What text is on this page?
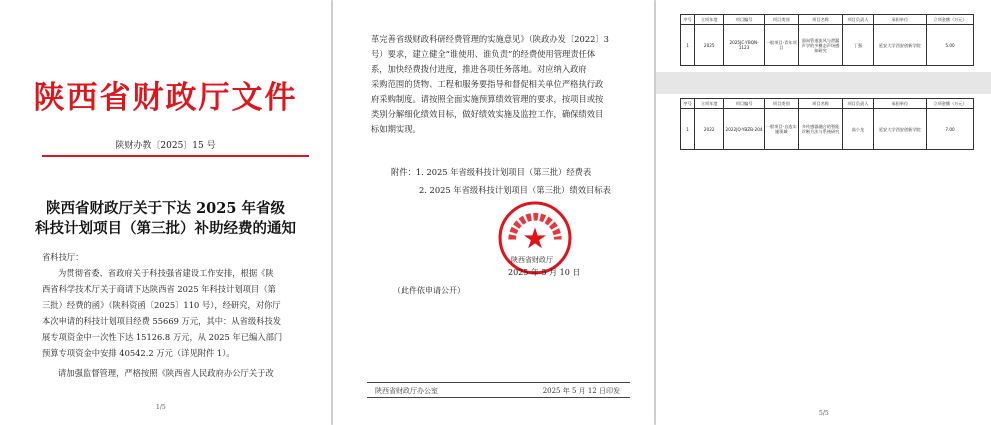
陕西省财政厅文件
陕财办教〔2025〕15 号
陕西省财政厅关于下达 2025 年省级
科技计划项目（第三批）补助经费的通知
省科技厅：
为贯彻省委、省政府关于科技强省建设工作安排，根据《陕
西省科学技术厅关于商请下达陕西省 2025 年科技计划项目（第
三批）经费的函》（陕科资函〔2025〕110 号），经研究，对你厅
本次申请的科技计划项目经费 55669 万元，其中：从省级科技发
展专项资金中一次性下达 15126.8 万元，从 2025 年已编入部门
预算专项资金中安排 40542.2 万元（详见附件 1）。
请加强监督管理，严格按照《陕西省人民政府办公厅关于改
1/5
革完善省级财政科研经费管理的实施意见》（陕政办发〔2022〕3
号）要求，建立健全“谁使用、谁负责”的经费使用管理责任体
系，加快经费拨付进度，推进各项任务落地。对应纳入政府
采购范围的货物、工程和服务要指导和督促相关单位严格执行政
府采购制度。请按照全面实施预算绩效管理的要求，按项目或按
类别分解细化绩效目标，做好绩效实施及监控工作，确保绩效目
标如期实现。
附件：1. 2025 年省级科技计划项目（第三批）经费表
2. 2025 年省级科技计划项目（第三批）绩效目标表
陕西省财政厅
2025 年 5 月 10 日
（此件依申请公开）
陕西省财政厅办公室	2025 年 5 月 12 日印发
序号	立项年度	项目编号	项目类别	项目名称	项目负责人	承担单位	立项金额（万元）
1	2025	2025JC-YBQN-1123	一般项目-青年项目	面向管道流风与泄漏声学的多模态声场感知研究	丁强	延安大学西安创新学院	5.00
序号	立项年度	项目编号	项目类别	项目名称	项目负责人	承担单位	立项金额（万元）
1	2022	2022JQ-YBZB-204	一般项目-自选实施领域	多传感器融合的智能诊断方法与系统研究	高小龙	延安大学西安创新学院	7.00
5/5
